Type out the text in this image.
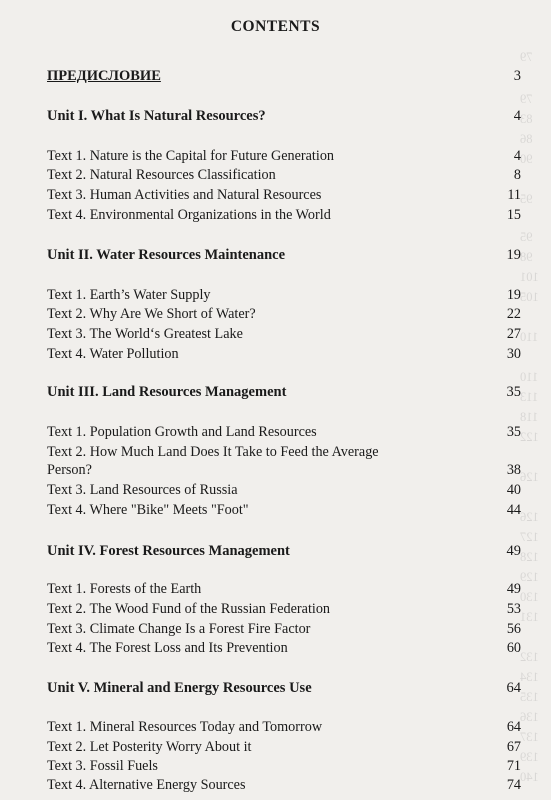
79
79
83
86
90
95
95
98
101
105
110
110
113
118
122
126
126
127
128
129
130
131
132
134
135
136
137
139
140
CONTENTS
ПРЕДИСЛОВИЕ	3
Unit I. What Is Natural Resources?	4
Text 1. Nature is the Capital for Future Generation	4
Text 2. Natural Resources Classification	8
Text 3. Human Activities and Natural Resources	11
Text 4. Environmental Organizations in the World	15
Unit II. Water Resources Maintenance	19
Text 1. Earth’s Water Supply	19
Text 2. Why Are We Short of Water?	22
Text 3. The World‘s Greatest Lake	27
Text 4. Water Pollution	30
Unit III. Land Resources Management	35
Text 1. Population Growth and Land Resources	35
Text 2. How Much Land Does It Take to Feed the Average Person?	38
Text 3. Land Resources of Russia	40
Text 4. Where "Bike" Meets "Foot"	44
Unit IV. Forest Resources Management	49
Text 1. Forests of the Earth	49
Text 2. The Wood Fund of the Russian Federation	53
Text 3. Climate Change Is a Forest Fire Factor	56
Text 4. The Forest Loss and Its Prevention	60
Unit V. Mineral and Energy Resources Use	64
Text 1. Mineral Resources Today and Tomorrow	64
Text 2. Let Posterity Worry About it	67
Text 3. Fossil Fuels	71
Text 4. Alternative Energy Sources	74
